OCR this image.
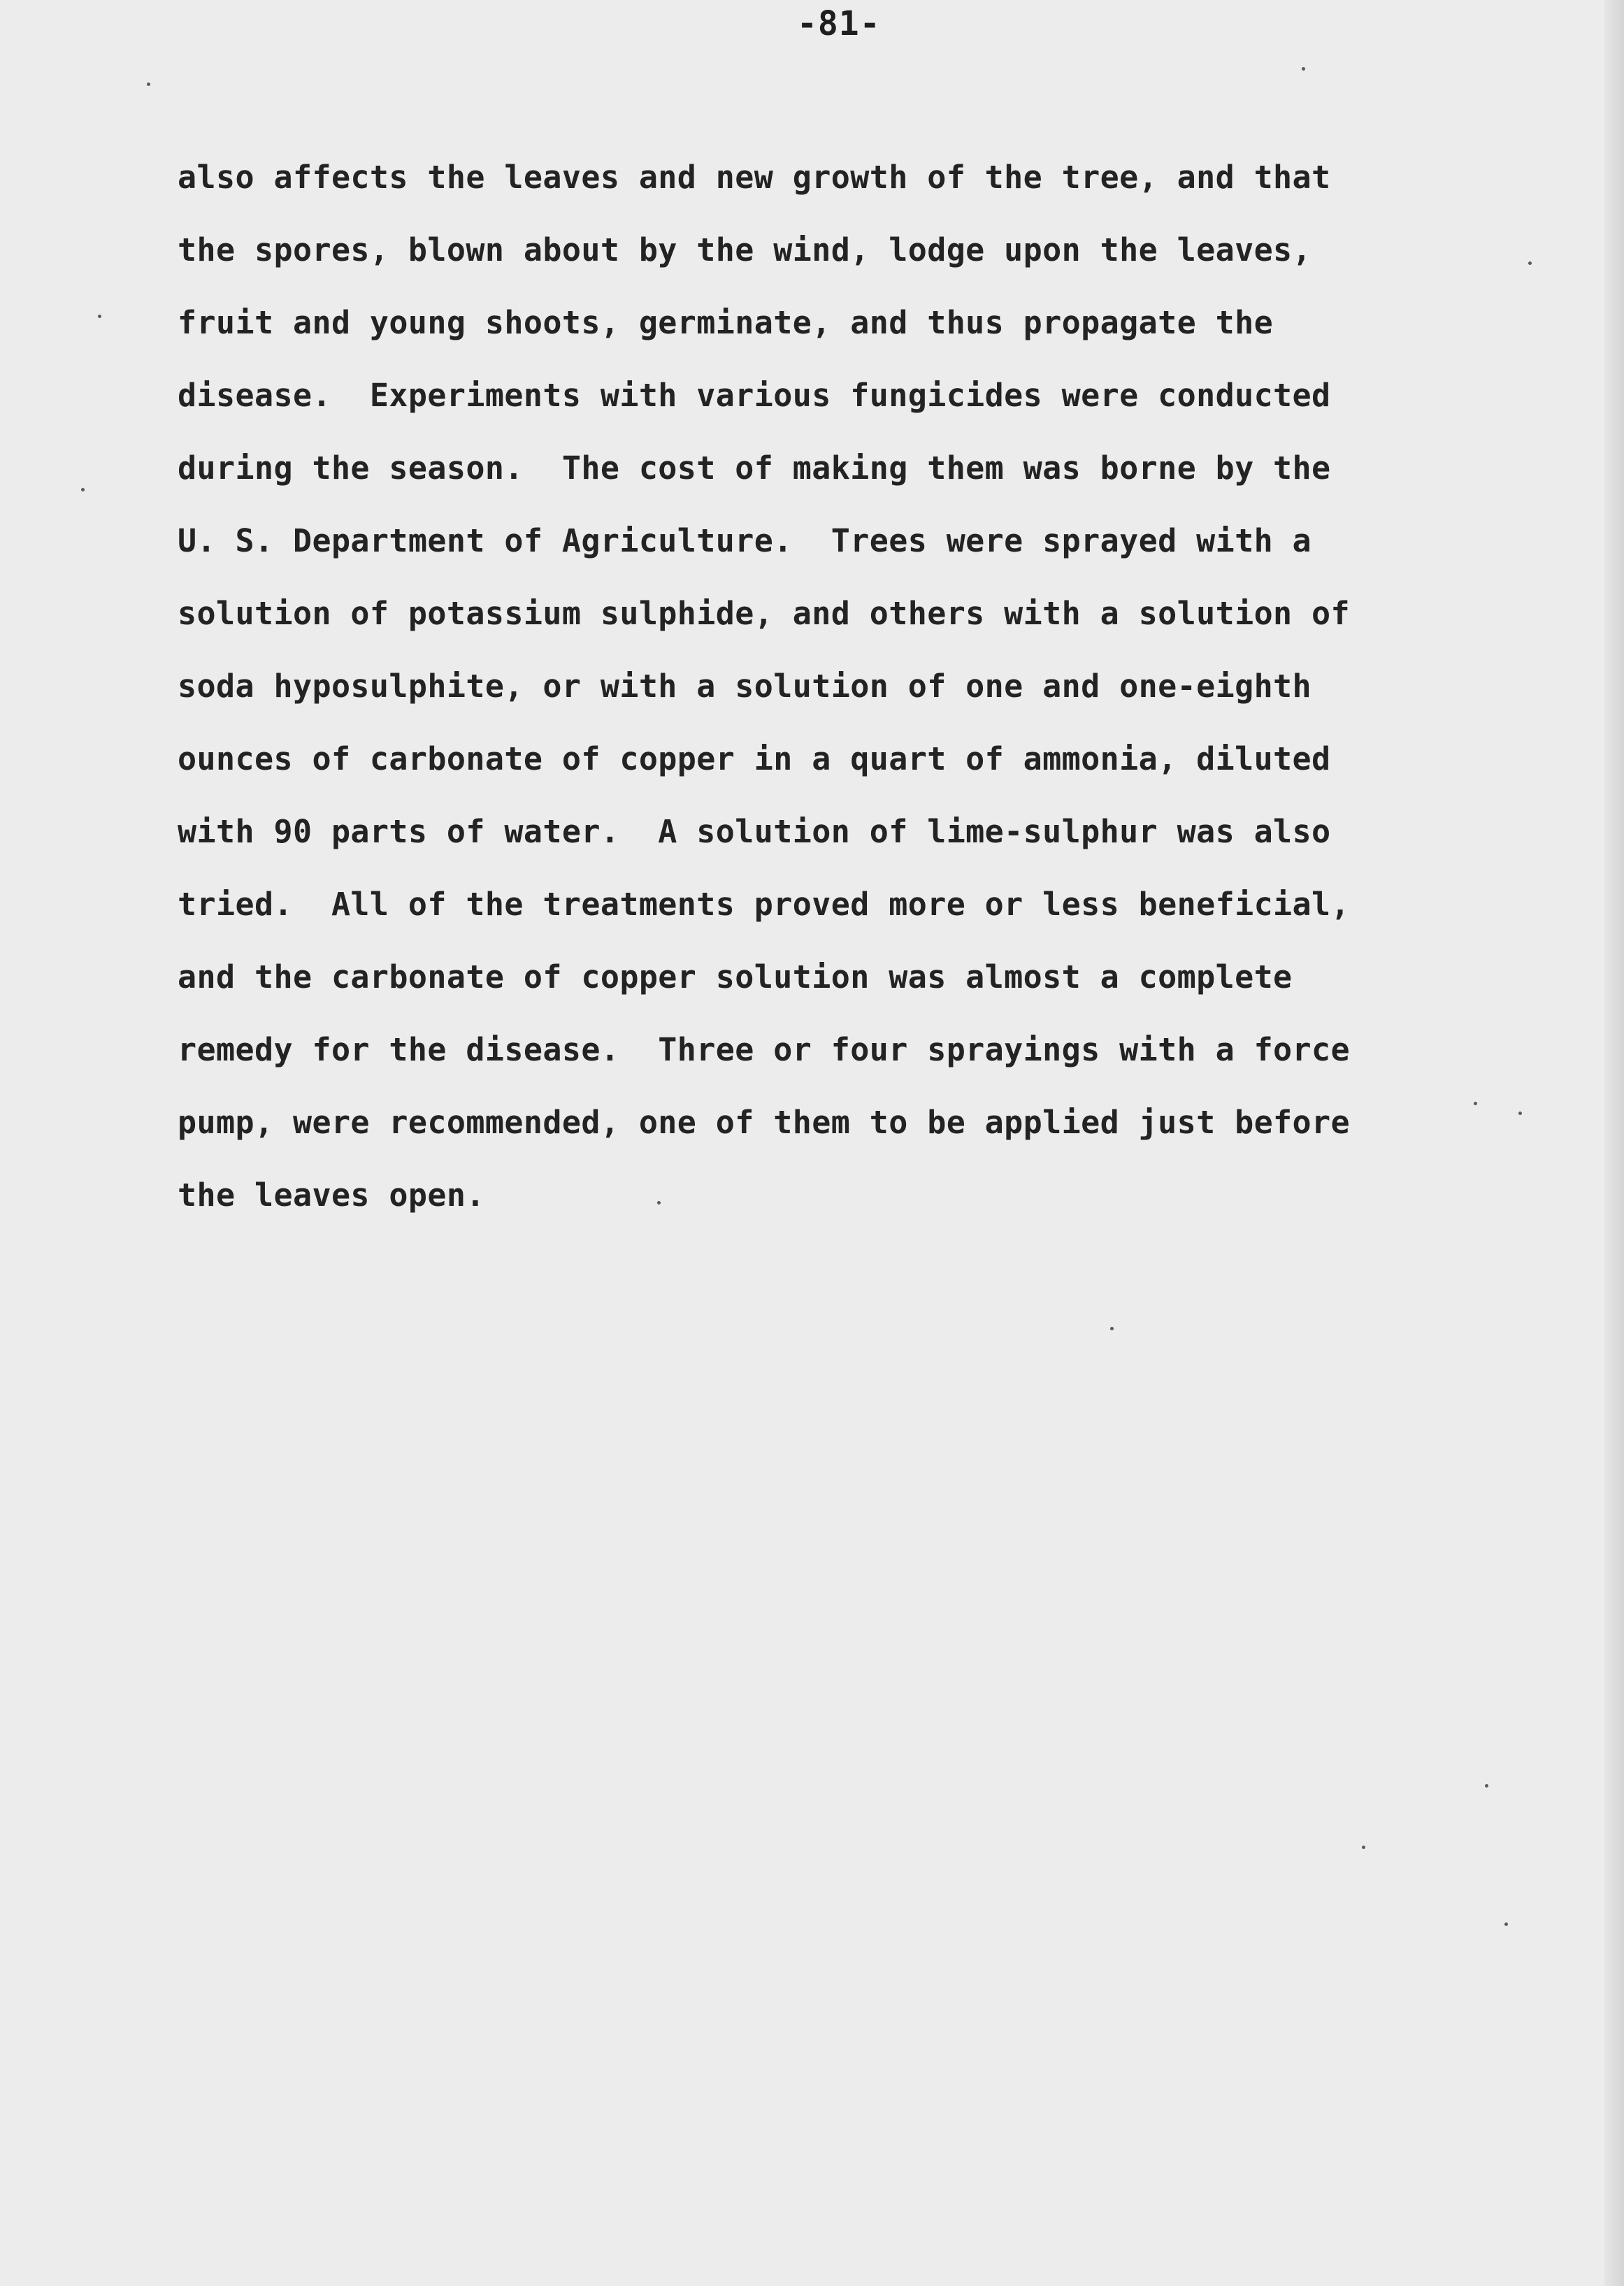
-81-
also affects the leaves and new growth of the tree, and that
the spores, blown about by the wind, lodge upon the leaves,
fruit and young shoots, germinate, and thus propagate the
disease.  Experiments with various fungicides were conducted
during the season.  The cost of making them was borne by the
U. S. Department of Agriculture.  Trees were sprayed with a
solution of potassium sulphide, and others with a solution of
soda hyposulphite, or with a solution of one and one-eighth
ounces of carbonate of copper in a quart of ammonia, diluted
with 90 parts of water.  A solution of lime-sulphur was also
tried.  All of the treatments proved more or less beneficial,
and the carbonate of copper solution was almost a complete
remedy for the disease.  Three or four sprayings with a force
pump, were recommended, one of them to be applied just before
the leaves open.
